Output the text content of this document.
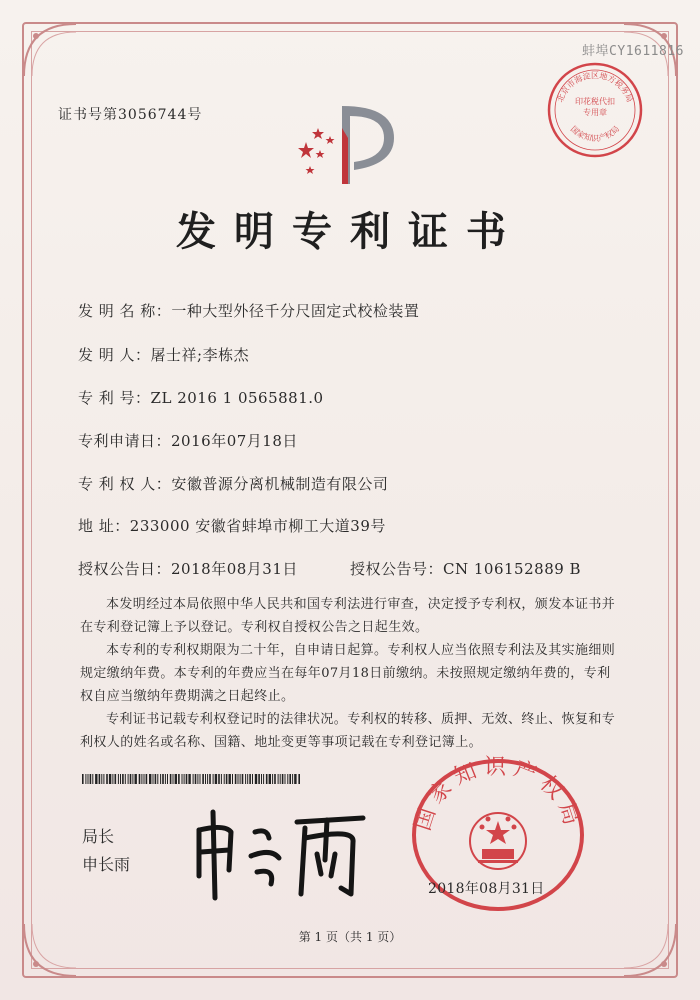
蚌埠CY1611816
证书号第3056744号
北京市海淀区地方税务局
国家知识产权局
印花税代扣专用章
发明专利证书
发 明 名 称：一种大型外径千分尺固定式校检装置
发 明 人：屠士祥;李栋杰
专 利 号：ZL 2016 1 0565881.0
专利申请日：2016年07月18日
专 利 权 人：安徽普源分离机械制造有限公司
地 址：233000 安徽省蚌埠市柳工大道39号
授权公告日：2018年08月31日	授权公告号：CN 106152889 B

本发明经过本局依照中华人民共和国专利法进行审查，决定授予专利权，颁发本证书并在专利登记簿上予以登记。专利权自授权公告之日起生效。

本专利的专利权期限为二十年，自申请日起算。专利权人应当依照专利法及其实施细则规定缴纳年费。本专利的年费应当在每年07月18日前缴纳。未按照规定缴纳年费的，专利权自应当缴纳年费期满之日起终止。

专利证书记载专利权登记时的法律状况。专利权的转移、质押、无效、终止、恢复和专利权人的姓名或名称、国籍、地址变更等事项记载在专利登记簿上。

局长
申长雨
国家知识产权局
2018年08月31日
第 1 页（共 1 页）
